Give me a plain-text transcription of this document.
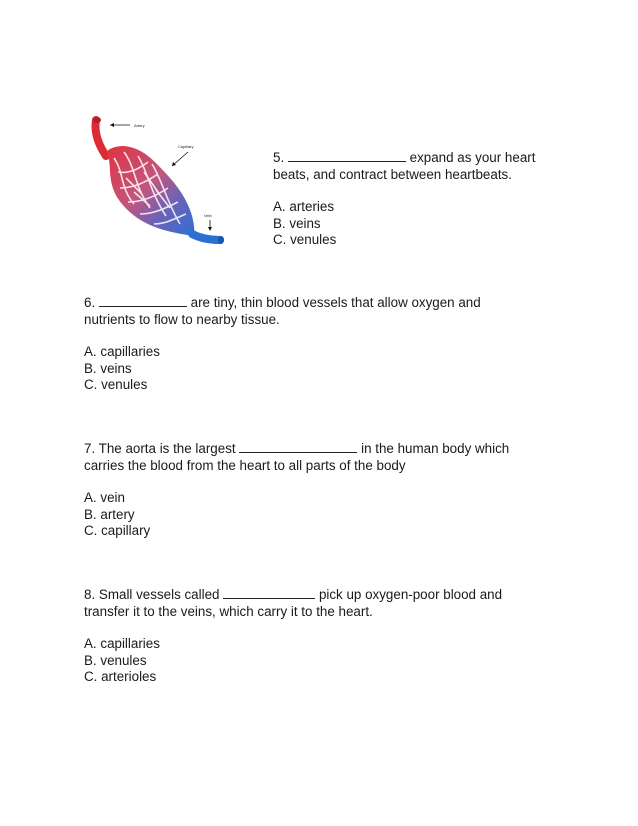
Artery
Capillary
Vein

5.	expand as your heart

beats, and contract between heartbeats.

A. arteries
B. veins
C. venules

6.	are tiny, thin blood vessels that allow oxygen and

nutrients to flow to nearby tissue.

A. capillaries
B. veins
C. venules

7. The aorta is the largest	in the human body which

carries the blood from the heart to all parts of the body

A. vein
B. artery
C. capillary

8. Small vessels called	pick up oxygen-poor blood and

transfer it to the veins, which carry it to the heart.

A. capillaries
B. venules
C. arterioles
